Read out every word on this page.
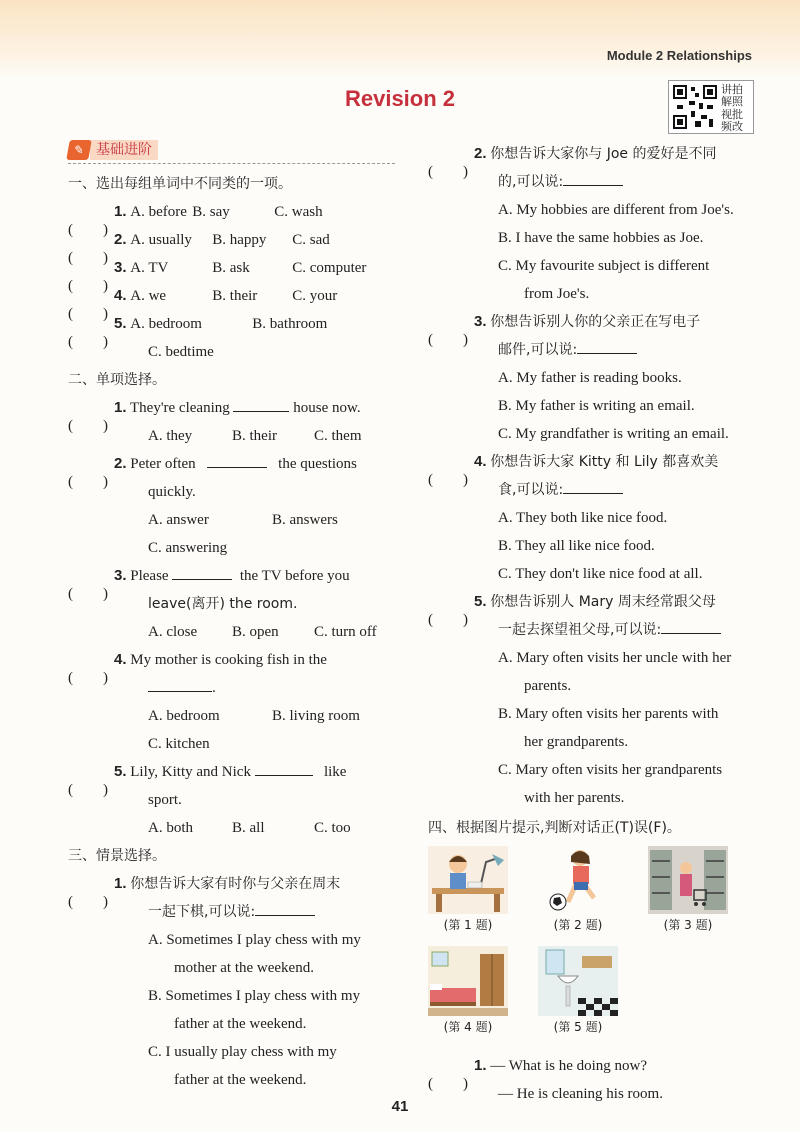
Module 2 Relationships
Revision 2	讲 拍
解 照
视 批
频 改
✎ 基础进阶
一、选出每组单词中不同类的一项。
1. A. before B. say	C. wash
2. A. usually B. happy C. sad
3. A. TV	B. ask	C. computer
4. A. we	B. their C. your
5. A. bedroom	B. bathroom
C. bedtime
二、单项选择。
1. They're cleaning	house now.
A. they	B. their C. them
2. Peter often	the questions
quickly.
A. answer	B. answers
C. answering
3. Please	the TV before you
leave(离开) the room.
A. close B. open C. turn off
4. My mother is cooking fish in the
.
A. bedroom	B. living room
C. kitchen
5. Lily, Kitty and Nick	like
sport.
A. both	B. all	C. too
三、情景选择。
1. 你想告诉大家有时你与父亲在周末
一起下棋,可以说:
A. Sometimes I play chess with my
mother at the weekend.
B. Sometimes I play chess with my
father at the weekend.
C. I usually play chess with my
father at the weekend.
2. 你想告诉大家你与 Joe 的爱好是不同
的,可以说:
A. My hobbies are different from Joe's.
B. I have the same hobbies as Joe.
C. My favourite subject is different
from Joe's.
3. 你想告诉别人你的父亲正在写电子
邮件,可以说:
A. My father is reading books.
B. My father is writing an email.
C. My grandfather is writing an email.
4. 你想告诉大家 Kitty 和 Lily 都喜欢美
食,可以说:
A. They both like nice food.
B. They all like nice food.
C. They don't like nice food at all.
5. 你想告诉别人 Mary 周末经常跟父母
一起去探望祖父母,可以说:
A. Mary often visits her uncle with her
parents.
B. Mary often visits her parents with
her grandparents.
C. Mary often visits her grandparents
with her parents.
四、根据图片提示,判断对话正(T)误(F)。
(第 1 题)	(第 2 题)	(第 3 题)
(第 4 题)	(第 5 题)
1. — What is he doing now?
— He is cleaning his room.
41
